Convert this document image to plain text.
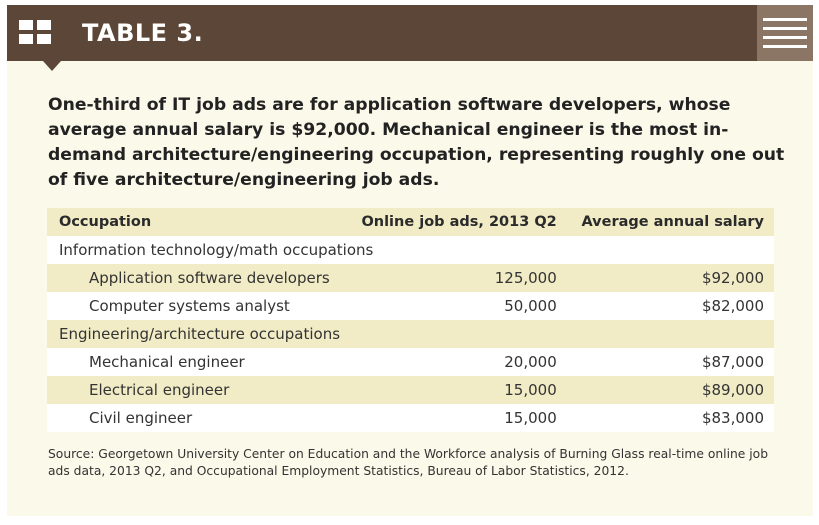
TABLE 3.
One-third of IT job ads are for application software developers, whose average annual salary is $92,000. Mechanical engineer is the most in-demand architecture/engineering occupation, representing roughly one out of five architecture/engineering job ads.
Occupation	Online job ads, 2013 Q2	Average annual salary
Information technology/math occupations		
Application software developers	125,000	$92,000
Computer systems analyst	50,000	$82,000
Engineering/architecture occupations		
Mechanical engineer	20,000	$87,000
Electrical engineer	15,000	$89,000
Civil engineer	15,000	$83,000
Source: Georgetown University Center on Education and the Workforce analysis of Burning Glass real-time online job ads data, 2013 Q2, and Occupational Employment Statistics, Bureau of Labor Statistics, 2012.
